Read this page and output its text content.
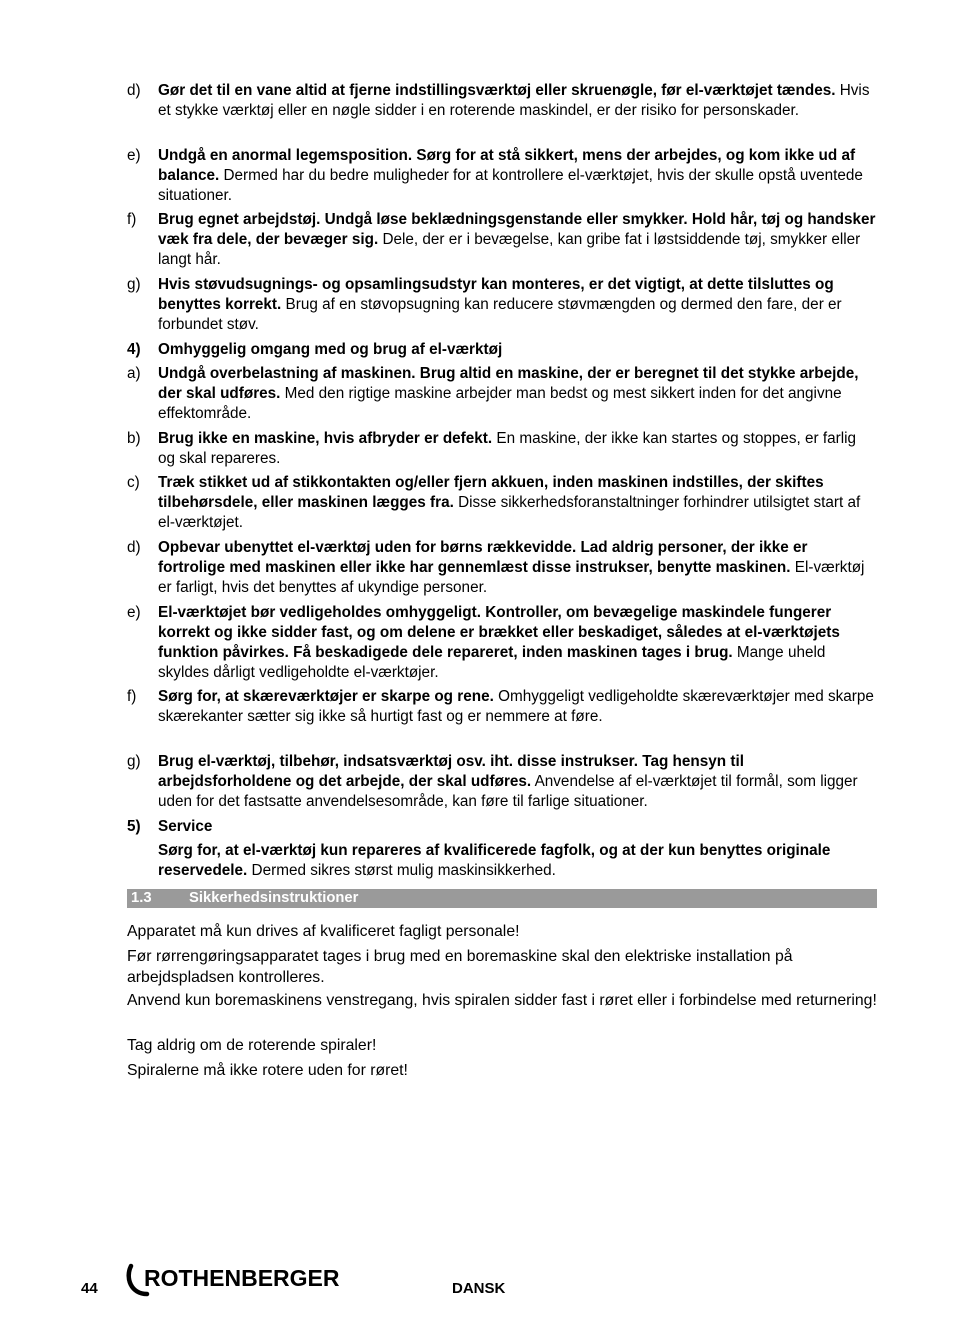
d) Gør det til en vane altid at fjerne indstillingsværktøj eller skruenøgle, før el-værktøjet tændes. Hvis et stykke værktøj eller en nøgle sidder i en roterende maskindel, er der risiko for personskader.
e) Undgå en anormal legemsposition. Sørg for at stå sikkert, mens der arbejdes, og kom ikke ud af balance. Dermed har du bedre muligheder for at kontrollere el-værktøjet, hvis der skulle opstå uventede situationer.
f) Brug egnet arbejdstøj. Undgå løse beklædningsgenstande eller smykker. Hold hår, tøj og handsker væk fra dele, der bevæger sig. Dele, der er i bevægelse, kan gribe fat i løstsiddende tøj, smykker eller langt hår.
g) Hvis støvudsugnings- og opsamlingsudstyr kan monteres, er det vigtigt, at dette tilsluttes og benyttes korrekt. Brug af en støvopsugning kan reducere støvmængden og dermed den fare, der er forbundet støv.
4) Omhyggelig omgang med og brug af el-værktøj
a) Undgå overbelastning af maskinen. Brug altid en maskine, der er beregnet til det stykke arbejde, der skal udføres. Med den rigtige maskine arbejder man bedst og mest sikkert inden for det angivne effektområde.
b) Brug ikke en maskine, hvis afbryder er defekt. En maskine, der ikke kan startes og stoppes, er farlig og skal repareres.
c) Træk stikket ud af stikkontakten og/eller fjern akkuen, inden maskinen indstilles, der skiftes tilbehørsdele, eller maskinen lægges fra. Disse sikkerhedsforanstaltninger forhindrer utilsigtet start af el-værktøjet.
d) Opbevar ubenyttet el-værktøj uden for børns rækkevidde. Lad aldrig personer, der ikke er fortrolige med maskinen eller ikke har gennemlæst disse instrukser, benytte maskinen. El-værktøj er farligt, hvis det benyttes af ukyndige personer.
e) El-værktøjet bør vedligeholdes omhyggeligt. Kontroller, om bevægelige maskindele fungerer korrekt og ikke sidder fast, og om delene er brækket eller beskadiget, således at el-værktøjets funktion påvirkes. Få beskadigede dele repareret, inden maskinen tages i brug. Mange uheld skyldes dårligt vedligeholdte el-værktøjer.
f) Sørg for, at skæreværktøjer er skarpe og rene. Omhyggeligt vedligeholdte skæreværktøjer med skarpe skærekanter sætter sig ikke så hurtigt fast og er nemmere at føre.
g) Brug el-værktøj, tilbehør, indsatsværktøj osv. iht. disse instrukser. Tag hensyn til arbejdsforholdene og det arbejde, der skal udføres. Anvendelse af el-værktøjet til formål, som ligger uden for det fastsatte anvendelsesområde, kan føre til farlige situationer.
5) Service
Sørg for, at el-værktøj kun repareres af kvalificerede fagfolk, og at der kun benyttes originale reservedele. Dermed sikres størst mulig maskinsikkerhed.
1.3	Sikkerhedsinstruktioner
Apparatet må kun drives af kvalificeret fagligt personale!
Før rørrengøringsapparatet tages i brug med en boremaskine skal den elektriske installation på arbejdspladsen kontrolleres.
Anvend kun boremaskinens venstregang, hvis spiralen sidder fast i røret eller i forbindelse med returnering!
Tag aldrig om de roterende spiraler!
Spiralerne må ikke rotere uden for røret!
44 ROTHENBERGER	DANSK
